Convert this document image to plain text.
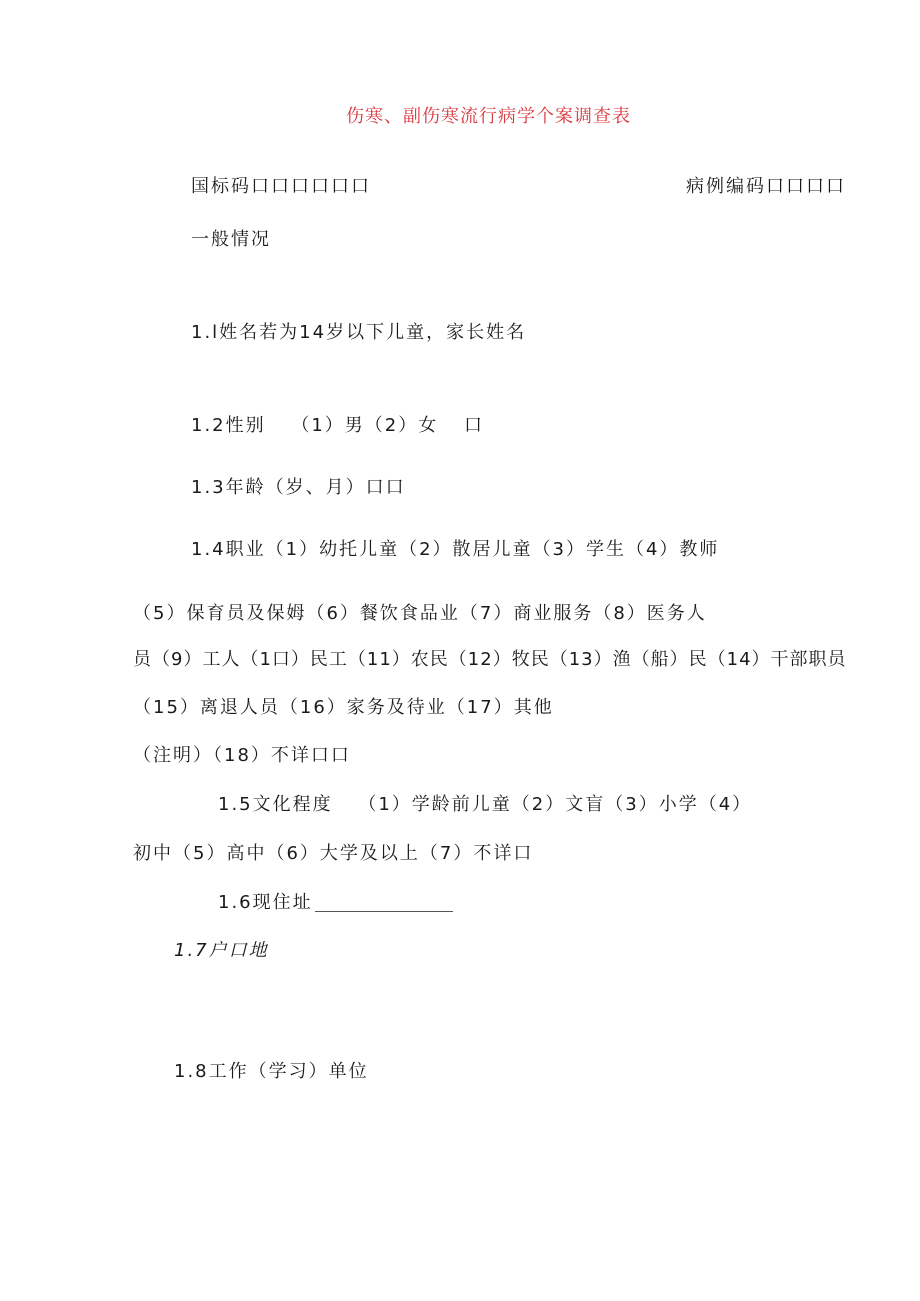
伤寒、副伤寒流行病学个案调查表
国标码口口口口口口	病例编码口口口口
一般情况
1.l姓名若为14岁以下儿童，家长姓名
1.2性别 （1）男（2）女 口
1.3年龄（岁、月）口口
1.4职业（1）幼托儿童（2）散居儿童（3）学生（4）教师
（5）保育员及保姆（6）餐饮食品业（7）商业服务（8）医务人
员（9）工人（1口）民工（11）农民（12）牧民（13）渔（船）民（14）干部职员
（15）离退人员（16）家务及待业（17）其他
（注明）（18）不详口口
1.5文化程度 （1）学龄前儿童（2）文盲（3）小学（4）
初中（5）高中（6）大学及以上（7）不详口
1.6现住址
1.7户口地
1.8工作（学习）单位
